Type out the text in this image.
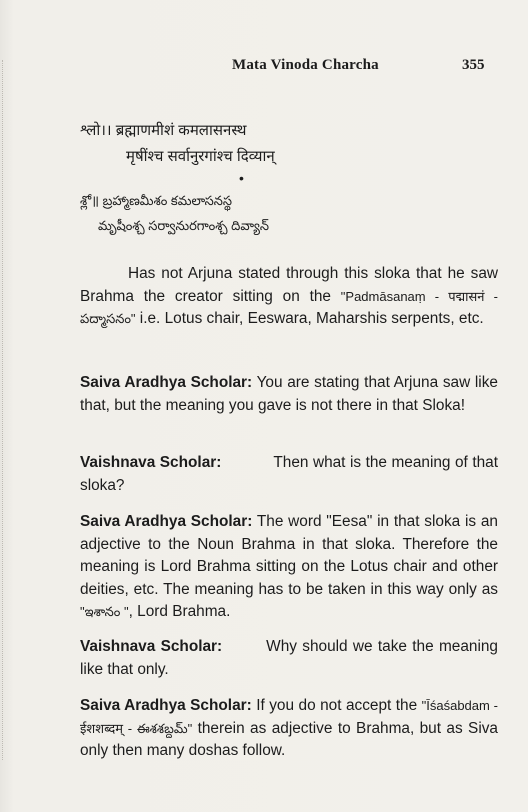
Mata Vinoda Charcha	355
श्लो।। ब्रह्माणमीशं कमलासनस्थ
मृषींश्च सर्वानुरगांश्च दिव्यान्
•
శ్లో॥ బ్రహ్మాణమీశం కమలాసనస్థ
మృషీంశ్చ సర్వానురగాంశ్చ దివ్యాన్
Has not Arjuna stated through this sloka that he saw Brahma the creator sitting on the "Padmāsanaṃ - पद्मासनं - పద్మాసనం" i.e. Lotus chair, Eeswara, Maharshis serpents, etc.
Saiva Aradhya Scholar: You are stating that Arjuna saw like that, but the meaning you gave is not there in that Sloka!
Vaishnava Scholar:	Then what is the meaning of that sloka?
Saiva Aradhya Scholar: The word "Eesa" in that sloka is an adjective to the Noun Brahma in that sloka. Therefore the meaning is Lord Brahma sitting on the Lotus chair and other deities, etc. The meaning has to be taken in this way only as "ఇశానం ", Lord Brahma.
Vaishnava Scholar:	Why should we take the meaning like that only.
Saiva Aradhya Scholar: If you do not accept the "Īśaśabdam - ईशशब्दम् - ఈశశబ్దమ్" therein as adjective to Brahma, but as Siva only then many doshas follow.
